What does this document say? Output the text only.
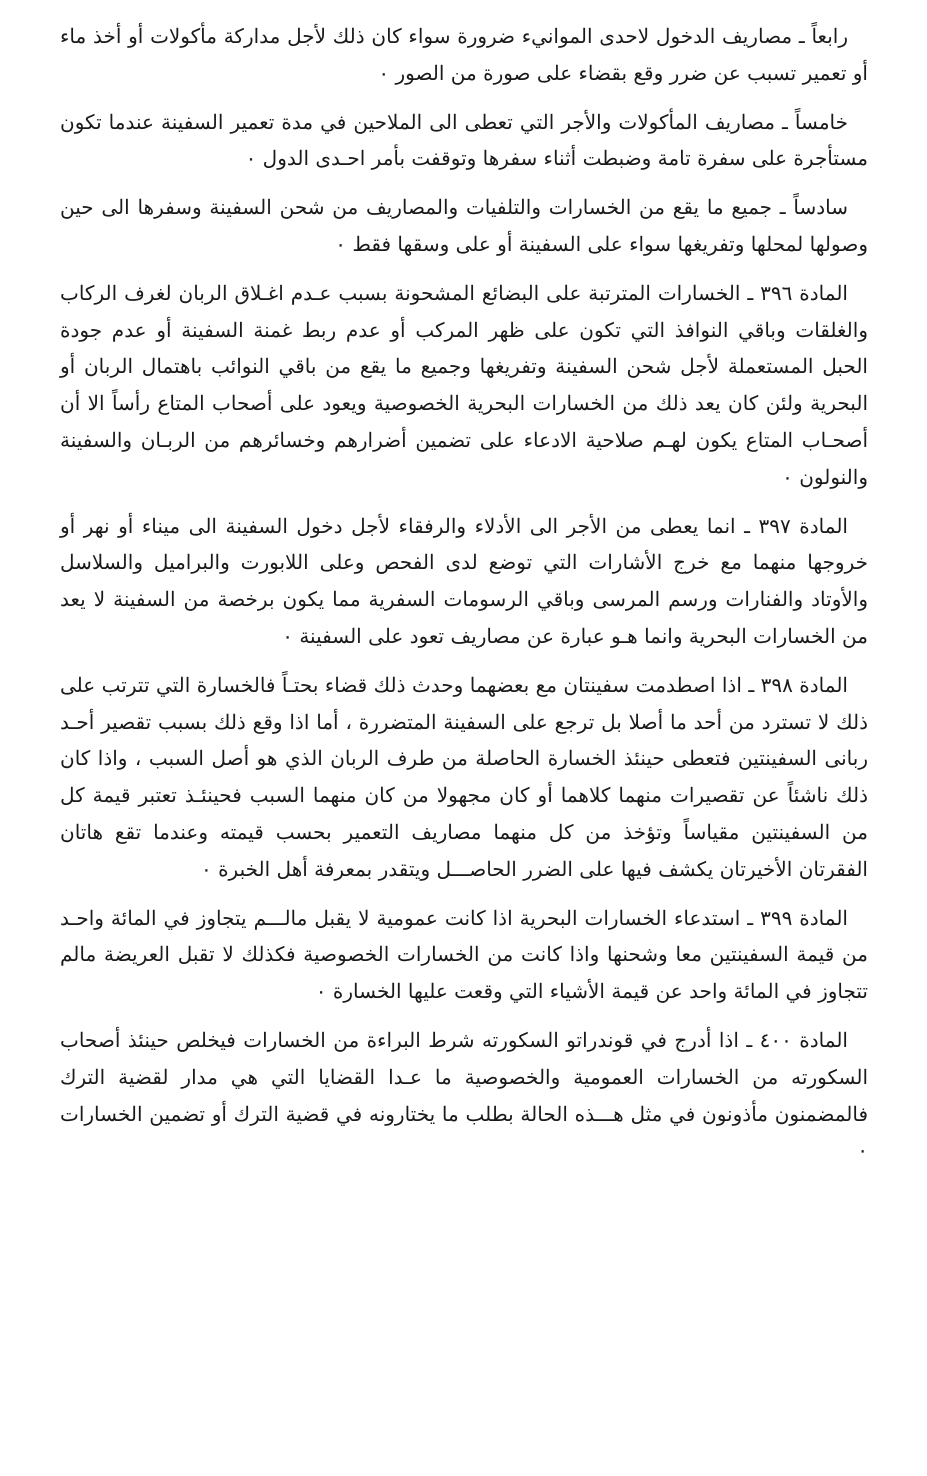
رابعاً ـ مصاريف الدخول لاحدى الموانيء ضرورة سواء كان ذلك لأجل مداركة مأكولات أو أخذ ماء أو تعمير تسبب عن ضرر وقع بقضاء على صورة من الصور ٠

خامساً ـ مصاريف المأكولات والأجر التي تعطى الى الملاحين في مدة تعمير السفينة عندما تكون مستأجرة على سفرة تامة وضبطت أثناء سفرها وتوقفت بأمر احـدى الدول ٠

سادساً ـ جميع ما يقع من الخسارات والتلفيات والمصاريف من شحن السفينة وسفرها الى حين وصولها لمحلها وتفريغها سواء على السفينة أو على وسقها فقط ٠

المادة ٣٩٦ ـ الخسارات المترتبة على البضائع المشحونة بسبب عـدم اغـلاق الربان لغرف الركاب والغلقات وباقي النوافذ التي تكون على ظهر المركب أو عدم ربط غمنة السفينة أو عدم جودة الحبل المستعملة لأجل شحن السفينة وتفريغها وجميع ما يقع من باقي النوائب باهتمال الربان أو البحرية ولئن كان يعد ذلك من الخسارات البحرية الخصوصية ويعود على أصحاب المتاع رأساً الا أن أصحـاب المتاع يكون لهـم صلاحية الادعاء على تضمين أضرارهم وخسائرهم من الربـان والسفينة والنولون ٠

المادة ٣٩٧ ـ انما يعطى من الأجر الى الأدلاء والرفقاء لأجل دخول السفينة الى ميناء أو نهر أو خروجها منهما مع خرج الأشارات التي توضع لدى الفحص وعلى اللابورت والبراميل والسلاسل والأوتاد والفنارات ورسم المرسى وباقي الرسومات السفرية مما يكون برخصة من السفينة لا يعد من الخسارات البحرية وانما هـو عبارة عن مصاريف تعود على السفينة ٠

المادة ٣٩٨ ـ اذا اصطدمت سفينتان مع بعضهما وحدث ذلك قضاء بحتـاً فالخسارة التي تترتب على ذلك لا تسترد من أحد ما أصلا بل ترجع على السفينة المتضررة ، أما اذا وقع ذلك بسبب تقصير أحـد ربانى السفينتين فتعطى حينئذ الخسارة الحاصلة من طرف الربان الذي هو أصل السبب ، واذا كان ذلك ناشئاً عن تقصيرات منهما كلاهما أو كان مجهولا من كان منهما السبب فحينئـذ تعتبر قيمة كل من السفينتين مقياساً وتؤخذ من كل منهما مصاريف التعمير بحسب قيمته وعندما تقع هاتان الفقرتان الأخيرتان يكشف فيها على الضرر الحاصـــل ويتقدر بمعرفة أهل الخبرة ٠

المادة ٣٩٩ ـ استدعاء الخسارات البحرية اذا كانت عمومية لا يقبل مالـــم يتجاوز في المائة واحـد من قيمة السفينتين معا وشحنها واذا كانت من الخسارات الخصوصية فكذلك لا تقبل العريضة مالم تتجاوز في المائة واحد عن قيمة الأشياء التي وقعت عليها الخسارة ٠

المادة ٤٠٠ ـ اذا أدرج في قوندراتو السكورته شرط البراءة من الخسارات فيخلص حينئذ أصحاب السكورته من الخسارات العمومية والخصوصية ما عـدا القضايا التي هي مدار لقضية الترك فالمضمنون مأذونون في مثل هـــذه الحالة بطلب ما يختارونه في قضية الترك أو تضمين الخسارات ٠
